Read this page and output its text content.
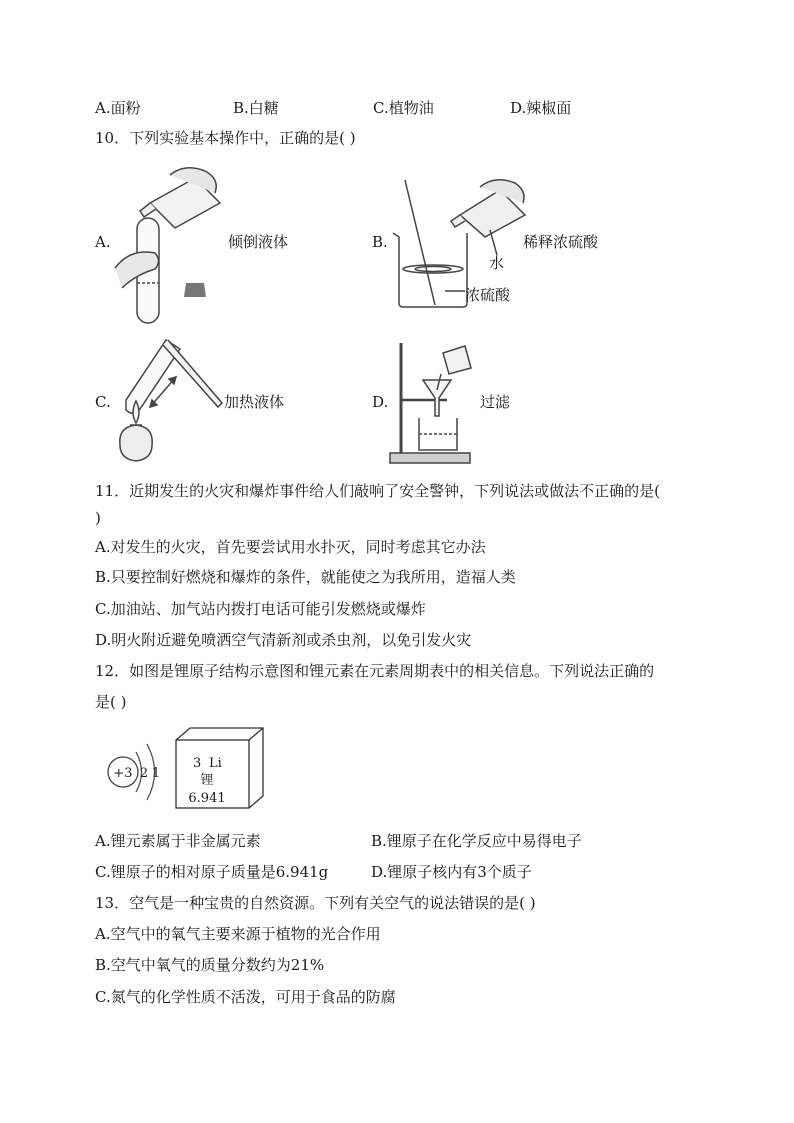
A.面粉	B.白糖	C.植物油	D.辣椒面
10．下列实验基本操作中，正确的是( )
A.	倾倒液体	B.	稀释浓硫酸
水
浓硫酸
C.	加热液体	D.	过滤
11．近期发生的火灾和爆炸事件给人们敲响了安全警钟，下列说法或做法不正确的是(
)
A.对发生的火灾，首先要尝试用水扑灭，同时考虑其它办法
B.只要控制好燃烧和爆炸的条件，就能使之为我所用，造福人类
C.加油站、加气站内拨打电话可能引发燃烧或爆炸
D.明火附近避免喷洒空气清新剂或杀虫剂，以免引发火灾
12．如图是锂原子结构示意图和锂元素在元素周期表中的相关信息。下列说法正确的
是( )
+3 2 1
3 Li
锂
6.941
A.锂元素属于非金属元素	B.锂原子在化学反应中易得电子
C.锂原子的相对原子质量是6.941g	D.锂原子核内有3个质子
13．空气是一种宝贵的自然资源。下列有关空气的说法错误的是( )
A.空气中的氧气主要来源于植物的光合作用
B.空气中氧气的质量分数约为21%
C.氮气的化学性质不活泼，可用于食品的防腐
